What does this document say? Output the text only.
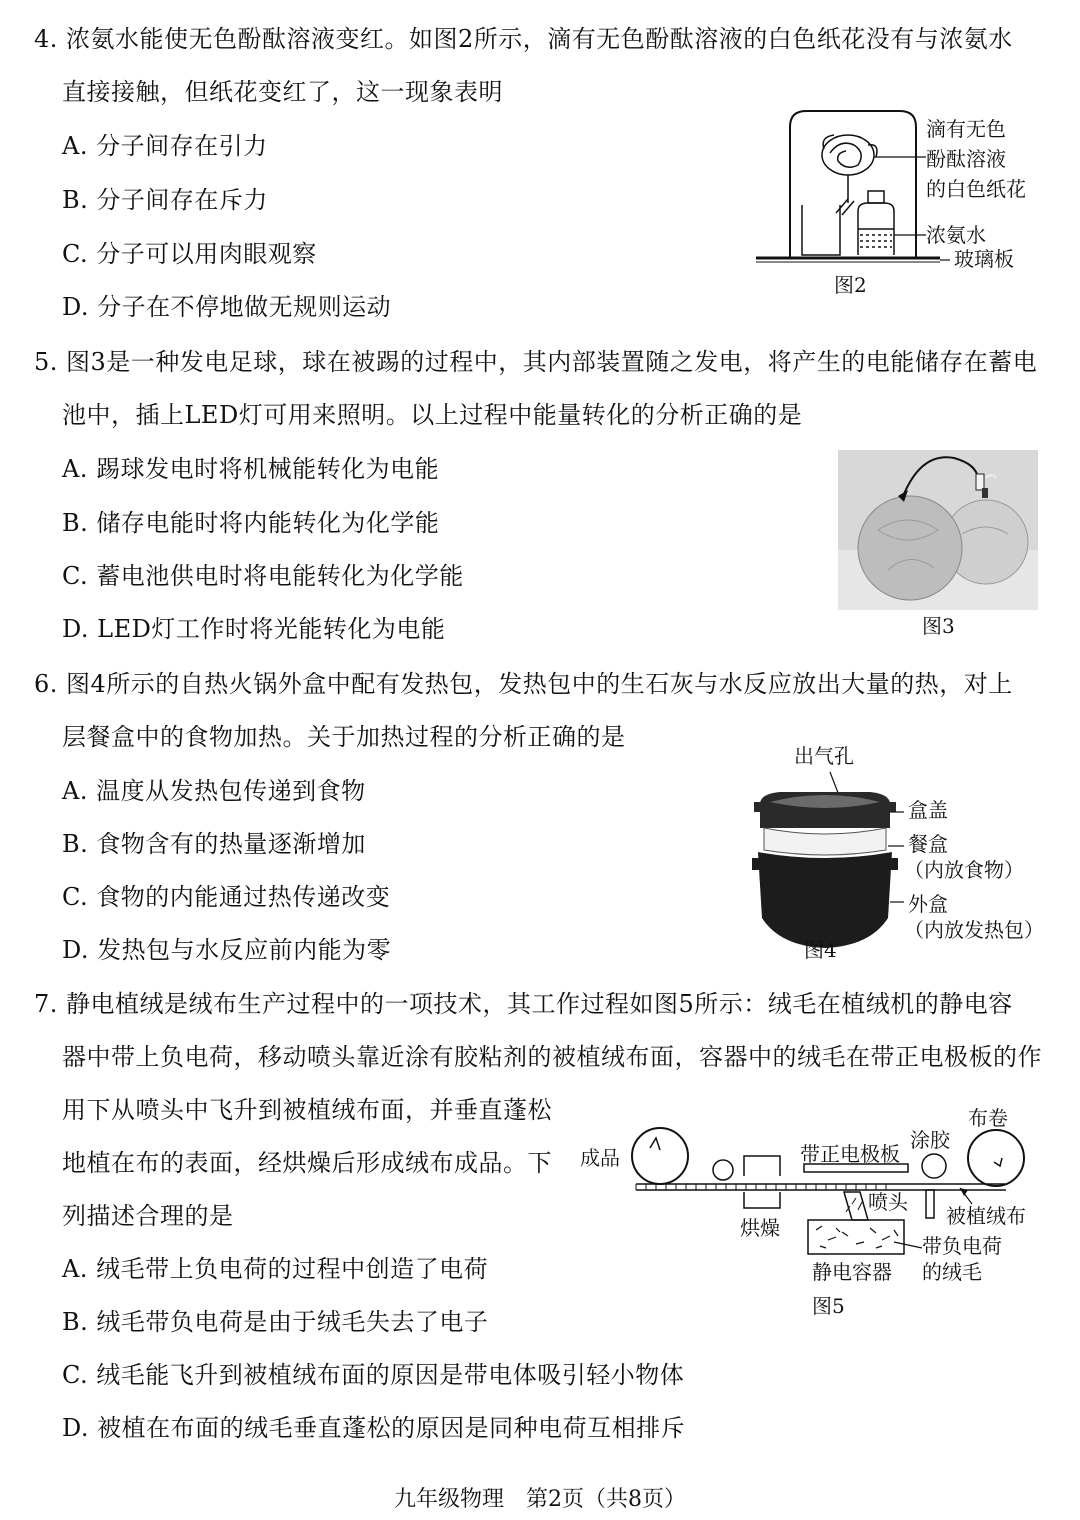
4. 浓氨水能使无色酚酞溶液变红。如图2所示，滴有无色酚酞溶液的白色纸花没有与浓氨水
直接接触，但纸花变红了，这一现象表明
A. 分子间存在引力
B. 分子间存在斥力
C. 分子可以用肉眼观察
D. 分子在不停地做无规则运动
滴有无色
酚酞溶液
的白色纸花
浓氨水
玻璃板
图2
5. 图3是一种发电足球，球在被踢的过程中，其内部装置随之发电，将产生的电能储存在蓄电
池中，插上LED灯可用来照明。以上过程中能量转化的分析正确的是
A. 踢球发电时将机械能转化为电能
B. 储存电能时将内能转化为化学能
C. 蓄电池供电时将电能转化为化学能
D. LED灯工作时将光能转化为电能	图3
6. 图4所示的自热火锅外盒中配有发热包，发热包中的生石灰与水反应放出大量的热，对上
层餐盒中的食物加热。关于加热过程的分析正确的是
A. 温度从发热包传递到食物
B. 食物含有的热量逐渐增加
C. 食物的内能通过热传递改变
D. 发热包与水反应前内能为零
出气孔
盒盖
餐盒
（内放食物）
外盒
（内放发热包）
图4
7. 静电植绒是绒布生产过程中的一项技术，其工作过程如图5所示：绒毛在植绒机的静电容
器中带上负电荷，移动喷头靠近涂有胶粘剂的被植绒布面，容器中的绒毛在带正电极板的作
用下从喷头中飞升到被植绒布面，并垂直蓬松
地植在布的表面，经烘燥后形成绒布成品。下
列描述合理的是
A. 绒毛带上负电荷的过程中创造了电荷
B. 绒毛带负电荷是由于绒毛失去了电子
C. 绒毛能飞升到被植绒布面的原因是带电体吸引轻小物体
D. 被植在布面的绒毛垂直蓬松的原因是同种电荷互相排斥
成品	带正电极板
涂胶
布卷
喷头
烘燥	被植绒布
带负电荷
的绒毛
静电容器
图5
九年级物理　第2页（共8页）
